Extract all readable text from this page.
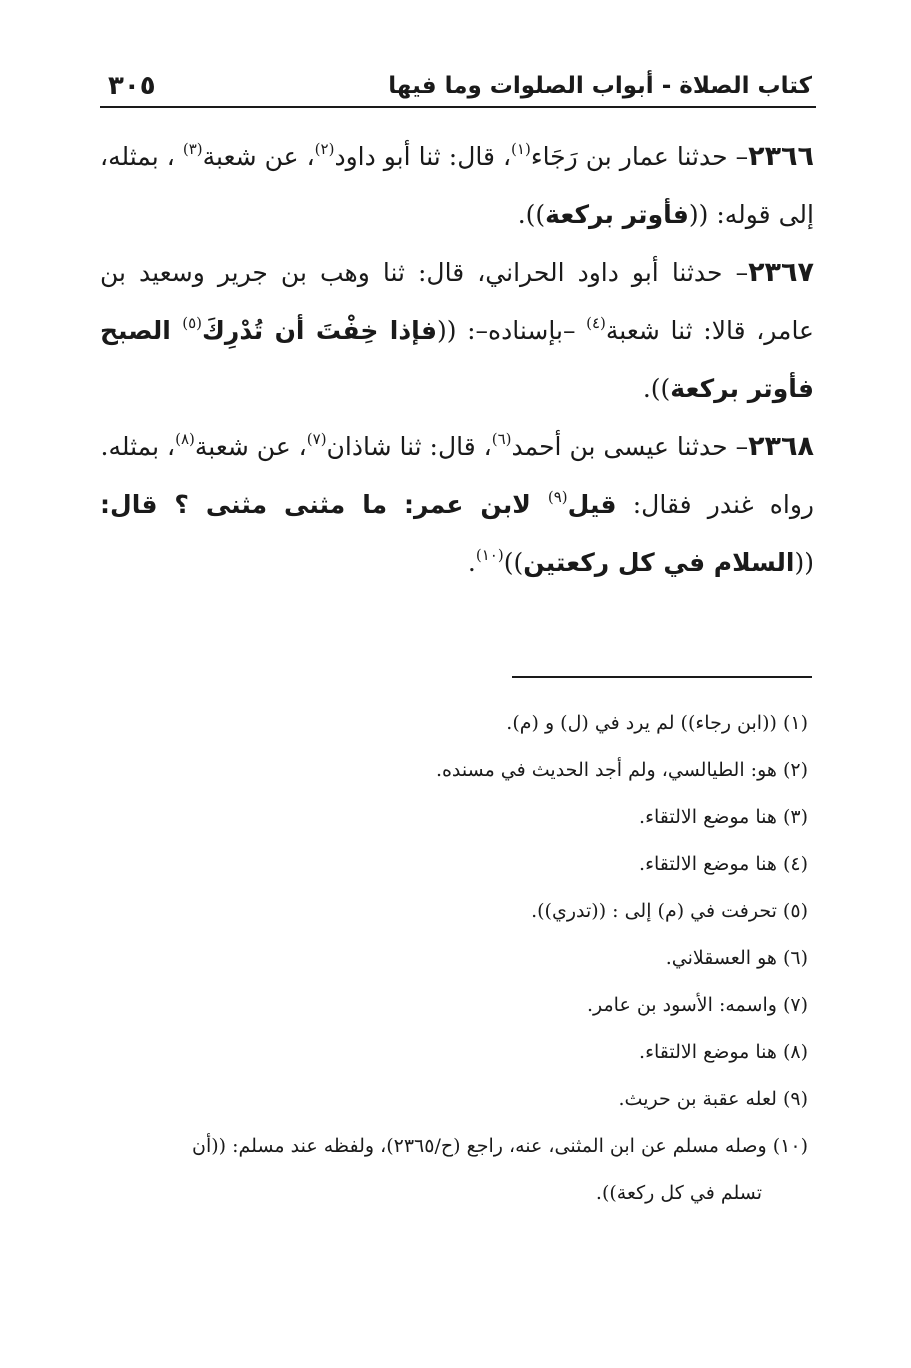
كتاب الصلاة - أبواب الصلوات وما فيها
٣٠٥

٢٣٦٦– حدثنا عمار بن رَجَاء$^{(١)}$، قال: ثنا أبو داود$^{(٢)}$، عن شعبة$^{(٣)}$ ، بمثله، إلى قوله: ((فأوتر بركعة)).

٢٣٦٧– حدثنا أبو داود الحراني، قال: ثنا وهب بن جرير وسعيد بن عامر، قالا: ثنا شعبة$^{(٤)}$ –بإسناده–: ((فإذا خِفْتَ أن تُدْرِكَ$^{(٥)}$ الصبح فأوتر بركعة)).

٢٣٦٨– حدثنا عيسى بن أحمد$^{(٦)}$، قال: ثنا شاذان$^{(٧)}$، عن شعبة$^{(٨)}$، بمثله.

رواه غندر فقال: قيل$^{(٩)}$ لابن عمر: ما مثنى مثنى ؟ قال: ((السلام في كل ركعتين))$^{(١٠)}$.

(١) ((ابن رجاء)) لم يرد في (ل) و (م).

(٢) هو: الطيالسي، ولم أجد الحديث في مسنده.

(٣) هنا موضع الالتقاء.

(٤) هنا موضع الالتقاء.

(٥) تحرفت في (م) إلى : ((تدري)).

(٦) هو العسقلاني.

(٧) واسمه: الأسود بن عامر.

(٨) هنا موضع الالتقاء.

(٩) لعله عقبة بن حريث.

(١٠) وصله مسلم عن ابن المثنى، عنه، راجع (ح/٢٣٦٥)، ولفظه عند مسلم: ((أن

تسلم في كل ركعة)).
